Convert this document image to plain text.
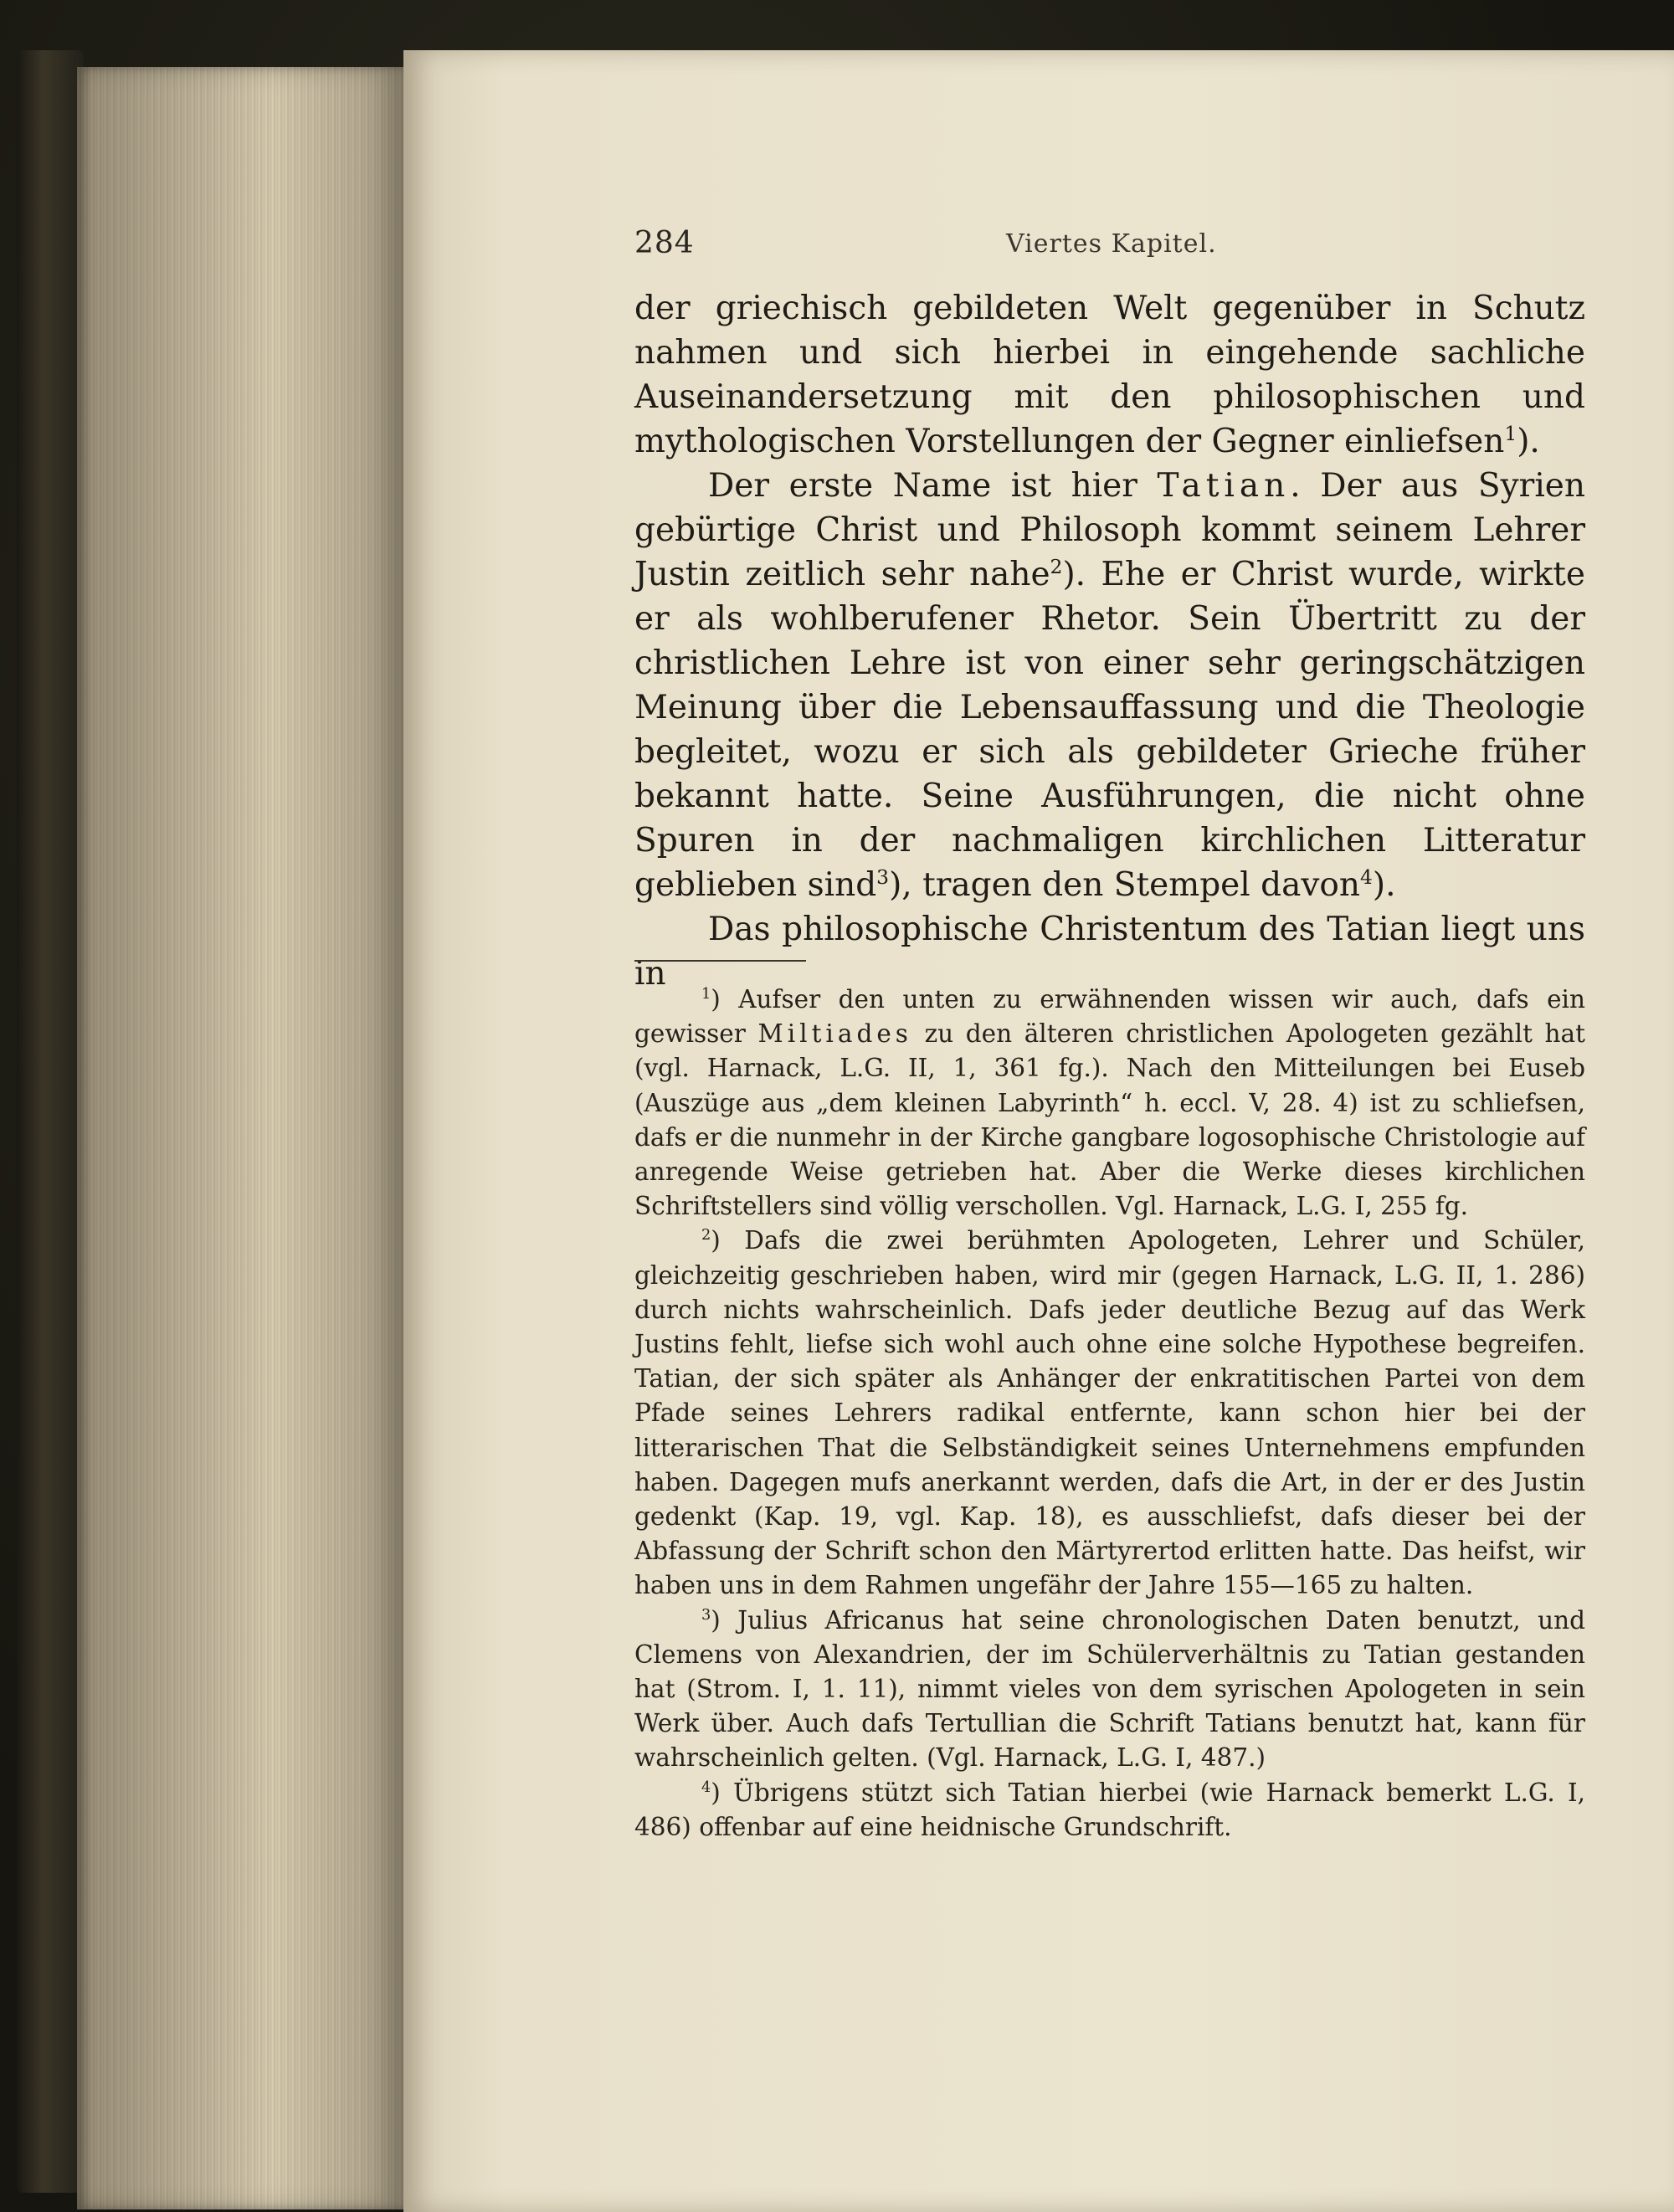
284	Viertes Kapitel.

der griechisch gebildeten Welt gegenüber in Schutz nahmen und sich hierbei in eingehende sachliche Auseinandersetzung mit den philosophischen und mythologischen Vorstellungen der Gegner einliefsen$^1$).

Der erste Name ist hier Tatian. Der aus Syrien gebürtige Christ und Philosoph kommt seinem Lehrer Justin zeitlich sehr nahe$^2$). Ehe er Christ wurde, wirkte er als wohlberufener Rhetor. Sein Übertritt zu der christlichen Lehre ist von einer sehr geringschätzigen Meinung über die Lebensauffassung und die Theologie begleitet, wozu er sich als gebildeter Grieche früher bekannt hatte. Seine Ausführungen, die nicht ohne Spuren in der nachmaligen kirchlichen Litteratur geblieben sind$^3$), tragen den Stempel davon$^4$).

Das philosophische Christentum des Tatian liegt uns in

$^1$) Aufser den unten zu erwähnenden wissen wir auch, dafs ein gewisser Miltiades zu den älteren christlichen Apologeten gezählt hat (vgl. Harnack, L.G. II, 1, 361 fg.). Nach den Mitteilungen bei Euseb (Auszüge aus „dem kleinen Labyrinth“ h. eccl. V, 28. 4) ist zu schliefsen, dafs er die nunmehr in der Kirche gangbare logosophische Christologie auf anregende Weise getrieben hat. Aber die Werke dieses kirchlichen Schriftstellers sind völlig verschollen. Vgl. Harnack, L.G. I, 255 fg.

$^2$) Dafs die zwei berühmten Apologeten, Lehrer und Schüler, gleichzeitig geschrieben haben, wird mir (gegen Harnack, L.G. II, 1. 286) durch nichts wahrscheinlich. Dafs jeder deutliche Bezug auf das Werk Justins fehlt, liefse sich wohl auch ohne eine solche Hypothese begreifen. Tatian, der sich später als Anhänger der enkratitischen Partei von dem Pfade seines Lehrers radikal entfernte, kann schon hier bei der litterarischen That die Selbständigkeit seines Unternehmens empfunden haben. Dagegen mufs anerkannt werden, dafs die Art, in der er des Justin gedenkt (Kap. 19, vgl. Kap. 18), es ausschliefst, dafs dieser bei der Abfassung der Schrift schon den Märtyrertod erlitten hatte. Das heifst, wir haben uns in dem Rahmen ungefähr der Jahre 155—165 zu halten.

$^3$) Julius Africanus hat seine chronologischen Daten benutzt, und Clemens von Alexandrien, der im Schülerverhältnis zu Tatian gestanden hat (Strom. I, 1. 11), nimmt vieles von dem syrischen Apologeten in sein Werk über. Auch dafs Tertullian die Schrift Tatians benutzt hat, kann für wahrscheinlich gelten. (Vgl. Harnack, L.G. I, 487.)

$^4$) Übrigens stützt sich Tatian hierbei (wie Harnack bemerkt L.G. I, 486) offenbar auf eine heidnische Grundschrift.
